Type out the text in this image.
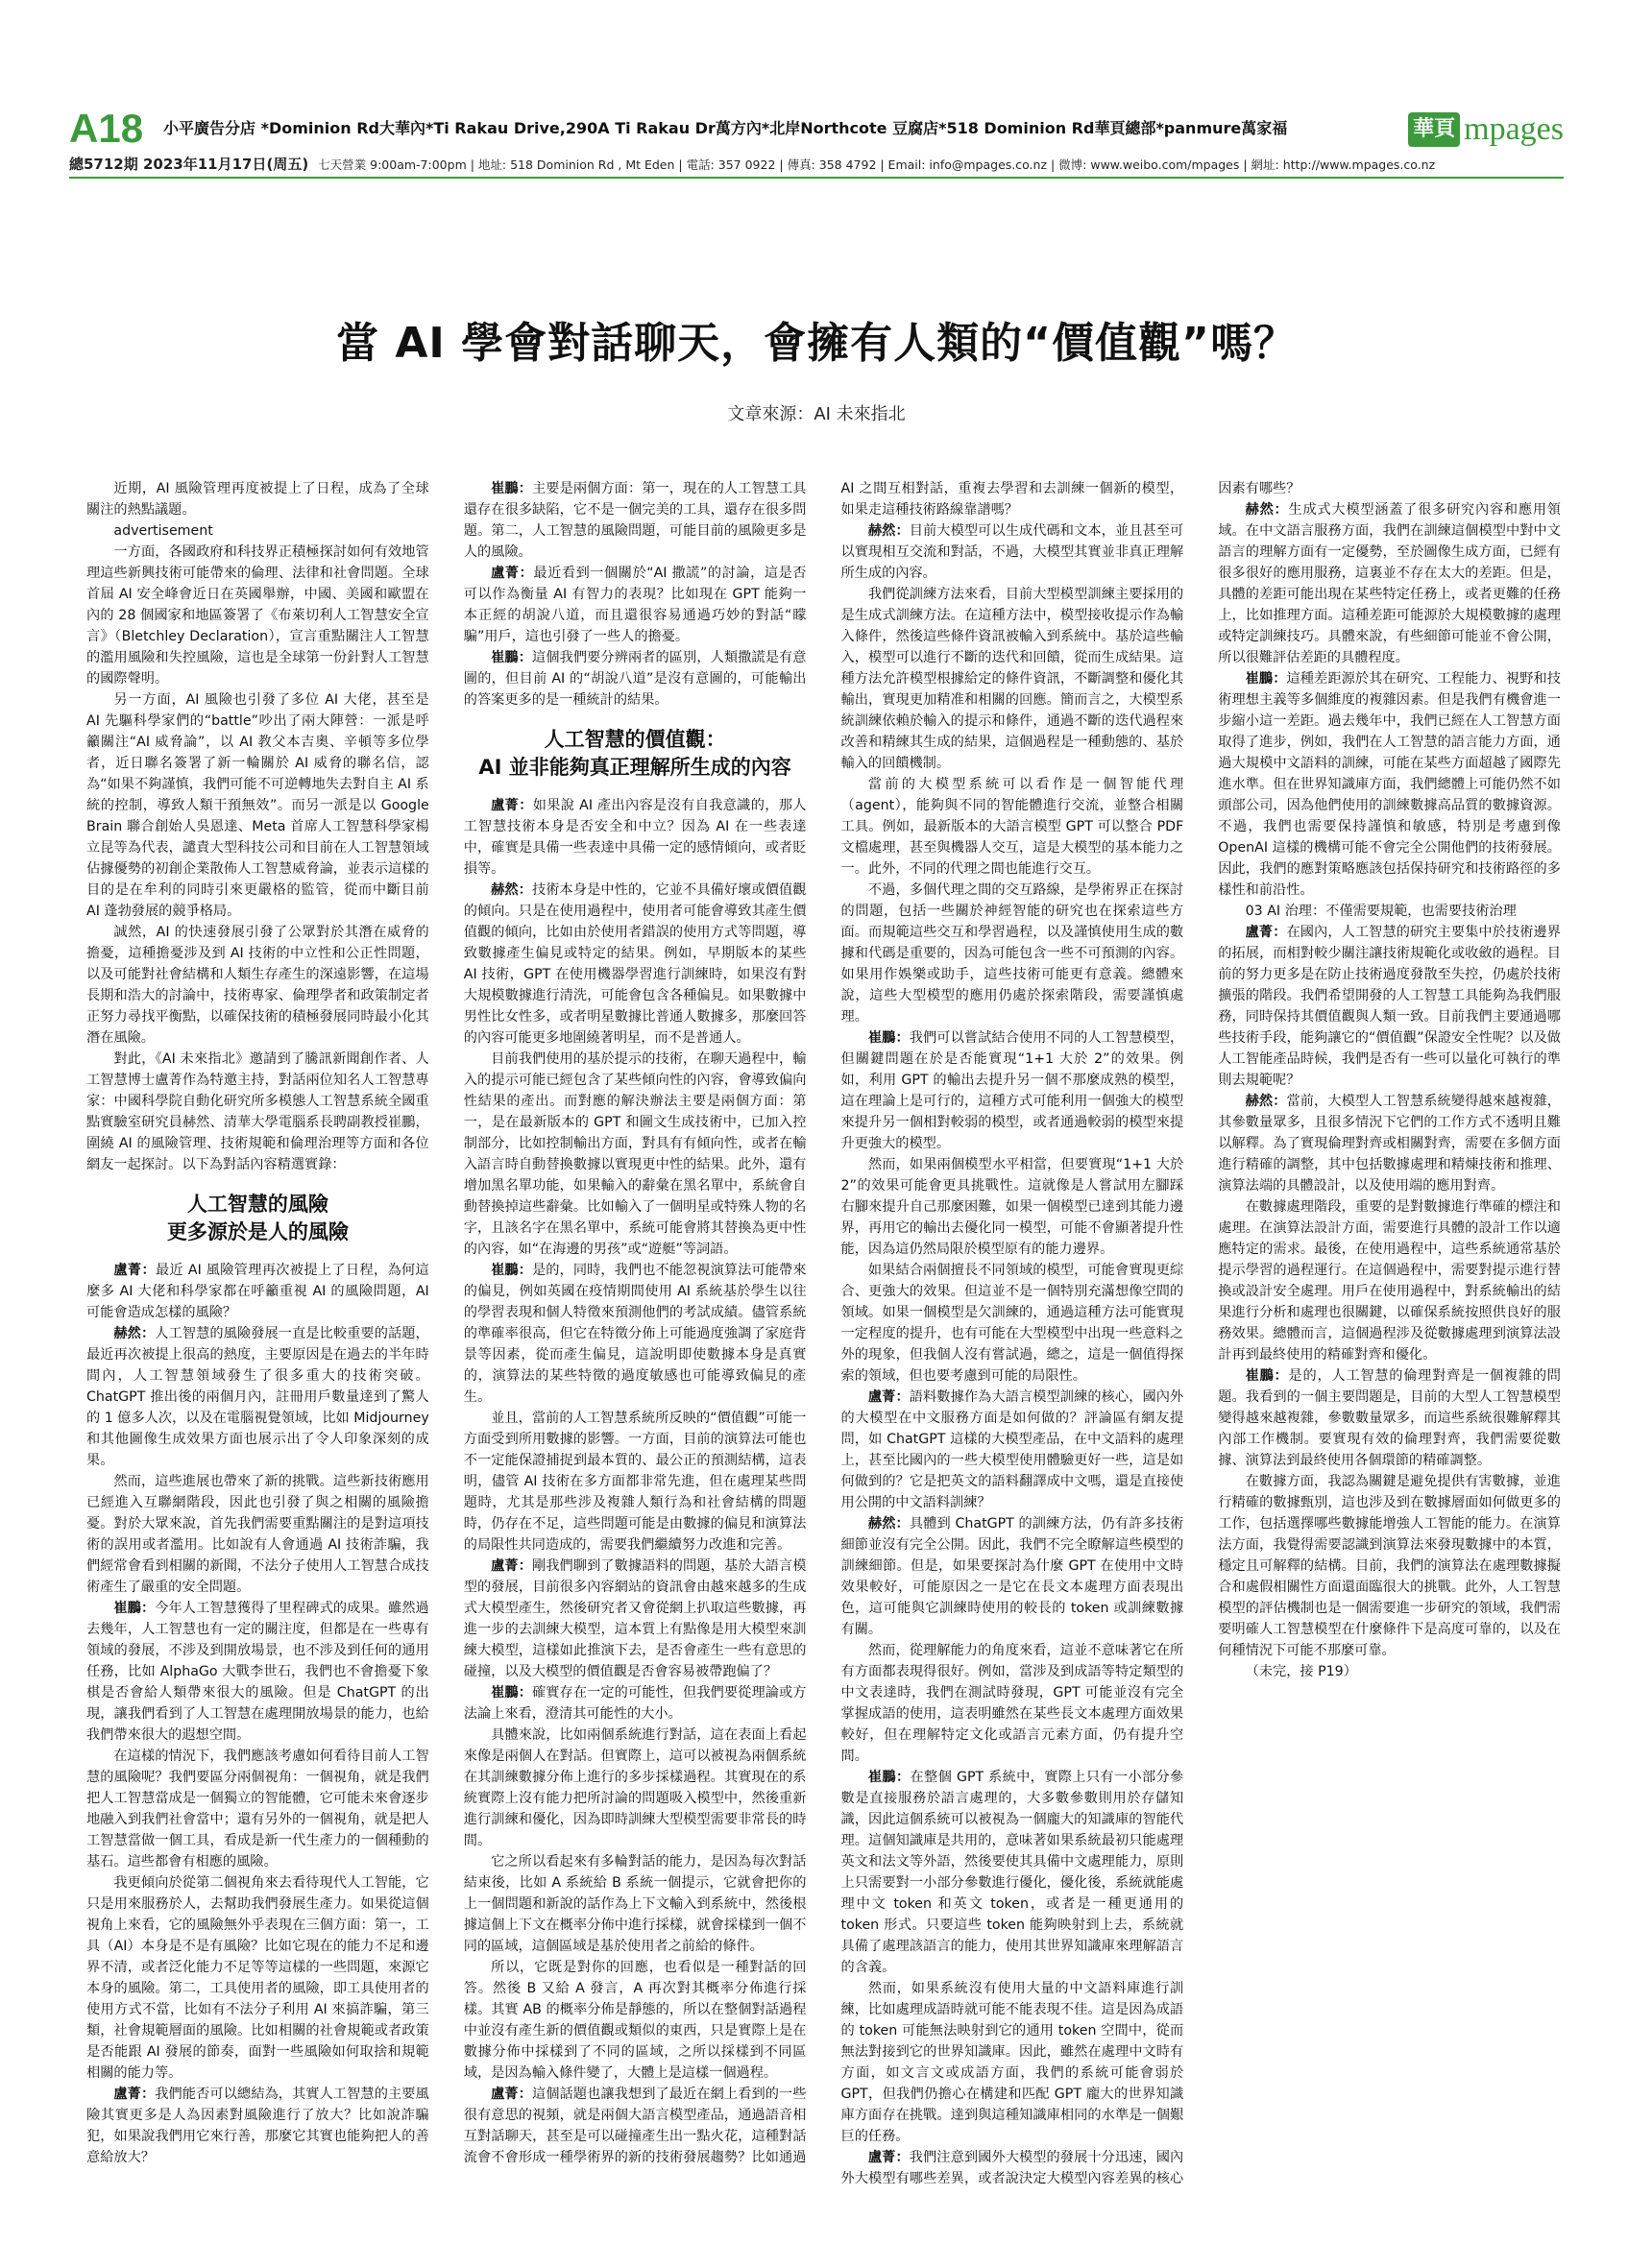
A18 小平廣告分店 *Dominion Rd大華內*Ti Rakau Drive,290A Ti Rakau Dr萬方內*北岸Northcote 豆腐店*518 Dominion Rd華頁總部*panmure萬家福
總5712期 2023年11月17日(周五) 七天營業 9:00am-7:00pm | 地址: 518 Dominion Rd , Mt Eden | 電話: 357 0922 | 傳真: 358 4792 | Email: info@mpages.co.nz | 微博: www.weibo.com/mpages | 網址: http://www.mpages.co.nz
華頁 mpages
當 AI 學會對話聊天，會擁有人類的“價值觀”嗎？
文章來源：AI 未來指北

近期，AI 風險管理再度被提上了日程，成為了全球關注的熱點議題。

advertisement

一方面，各國政府和科技界正積極探討如何有效地管理這些新興技術可能帶來的倫理、法律和社會問題。全球首屆 AI 安全峰會近日在英國舉辦，中國、美國和歐盟在內的 28 個國家和地區簽署了《布萊切利人工智慧安全宣言》（Bletchley Declaration），宣言重點關注人工智慧的濫用風險和失控風險，這也是全球第一份針對人工智慧的國際聲明。

另一方面，AI 風險也引發了多位 AI 大佬，甚至是 AI 先驅科學家們的“battle”吵出了兩大陣營：一派是呼籲關注“AI 威脅論”，以 AI 教父本吉奧、辛頓等多位學者，近日聯名簽署了新一輪關於 AI 威脅的聯名信，認為“如果不夠謹慎，我們可能不可逆轉地失去對自主 AI 系統的控制，導致人類干預無效”。而另一派是以 Google Brain 聯合創始人吳恩達、Meta 首席人工智慧科學家楊立昆等為代表，譴責大型科技公司和目前在人工智慧領域佔據優勢的初創企業散佈人工智慧威脅論，並表示這樣的目的是在牟利的同時引來更嚴格的監管，從而中斷目前 AI 蓬勃發展的競爭格局。

誠然，AI 的快速發展引發了公眾對於其潛在威脅的擔憂，這種擔憂涉及到 AI 技術的中立性和公正性問題，以及可能對社會結構和人類生存產生的深遠影響，在這場長期和浩大的討論中，技術專家、倫理學者和政策制定者正努力尋找平衡點，以確保技術的積極發展同時最小化其潛在風險。

對此，《AI 未來指北》邀請到了騰訊新聞創作者、人工智慧博士盧菁作為特邀主持，對話兩位知名人工智慧專家：中國科學院自動化研究所多模態人工智慧系統全國重點實驗室研究員赫然、清華大學電腦系長聘副教授崔鵬，圍繞 AI 的風險管理、技術規範和倫理治理等方面和各位網友一起探討。以下為對話內容精選實錄：

人工智慧的風險
更多源於是人的風險

盧菁：最近 AI 風險管理再次被提上了日程，為何這麼多 AI 大佬和科學家都在呼籲重視 AI 的風險問題，AI 可能會造成怎樣的風險？

赫然：人工智慧的風險發展一直是比較重要的話題，最近再次被提上很高的熱度，主要原因是在過去的半年時間內，人工智慧領域發生了很多重大的技術突破。ChatGPT 推出後的兩個月內，註冊用戶數量達到了驚人的 1 億多人次，以及在電腦視覺領域，比如 Midjourney 和其他圖像生成效果方面也展示出了令人印象深刻的成果。

然而，這些進展也帶來了新的挑戰。這些新技術應用已經進入互聯網階段，因此也引發了與之相關的風險擔憂。對於大眾來說，首先我們需要重點關注的是對這項技術的誤用或者濫用。比如說有人會通過 AI 技術詐騙，我們經常會看到相關的新聞，不法分子使用人工智慧合成技術產生了嚴重的安全問題。

崔鵬：今年人工智慧獲得了里程碑式的成果。雖然過去幾年，人工智慧也有一定的關注度，但都是在一些專有領域的發展，不涉及到開放場景，也不涉及到任何的通用任務，比如 AlphaGo 大戰李世石，我們也不會擔憂下象棋是否會給人類帶來很大的風險。但是 ChatGPT 的出現，讓我們看到了人工智慧在處理開放場景的能力，也給我們帶來很大的遐想空間。

在這樣的情況下，我們應該考慮如何看待目前人工智慧的風險呢？我們要區分兩個視角：一個視角，就是我們把人工智慧當成是一個獨立的智能體，它可能未來會逐步地融入到我們社會當中；還有另外的一個視角，就是把人工智慧當做一個工具，看成是新一代生產力的一個種動的基石。這些都會有相應的風險。

我更傾向於從第二個視角來去看待現代人工智能，它只是用來服務於人，去幫助我們發展生產力。如果從這個視角上來看，它的風險無外乎表現在三個方面：第一，工具（AI）本身是不是有風險？比如它現在的能力不足和邊界不清，或者泛化能力不足等等這樣的一些問題，來源它本身的風險。第二，工具使用者的風險，即工具使用者的使用方式不當，比如有不法分子利用 AI 來搞詐騙，第三類，社會規範層面的風險。比如相關的社會規範或者政策是否能跟 AI 發展的節奏，面對一些風險如何取捨和規範相關的能力等。

盧菁：我們能否可以總結為，其實人工智慧的主要風險其實更多是人為因素對風險進行了放大？比如說詐騙犯，如果說我們用它來行善，那麼它其實也能夠把人的善意給放大？

崔鵬：主要是兩個方面：第一，現在的人工智慧工具還存在很多缺陷，它不是一個完美的工具，還存在很多問題。第二，人工智慧的風險問題，可能目前的風險更多是人的風險。

盧菁：最近看到一個關於“AI 撒謊”的討論，這是否可以作為衡量 AI 有智力的表現？比如現在 GPT 能夠一本正經的胡說八道，而且還很容易通過巧妙的對話“矇騙”用戶，這也引發了一些人的擔憂。

崔鵬：這個我們要分辨兩者的區別，人類撒謊是有意圖的，但目前 AI 的“胡說八道”是沒有意圖的，可能輸出的答案更多的是一種統計的結果。

人工智慧的價值觀：
AI 並非能夠真正理解所生成的內容

盧菁：如果說 AI 產出內容是沒有自我意識的，那人工智慧技術本身是否安全和中立？因為 AI 在一些表達中，確實是具備一些表達中具備一定的感情傾向，或者貶損等。

赫然：技術本身是中性的，它並不具備好壞或價值觀的傾向。只是在使用過程中，使用者可能會導致其產生價值觀的傾向，比如由於使用者錯誤的使用方式等問題，導致數據產生偏見或特定的結果。例如，早期版本的某些 AI 技術，GPT 在使用機器學習進行訓練時，如果沒有對大規模數據進行清洗，可能會包含各種偏見。如果數據中男性比女性多，或者明星數據比普通人數據多，那麼回答的內容可能更多地圍繞著明星，而不是普通人。

目前我們使用的基於提示的技術，在聊天過程中，輸入的提示可能已經包含了某些傾向性的內容，會導致偏向性結果的產出。而對應的解決辦法主要是兩個方面：第一，是在最新版本的 GPT 和圖文生成技術中，已加入控制部分，比如控制輸出方面，對具有有傾向性，或者在輸入語言時自動替換數據以實現更中性的結果。此外，還有增加黑名單功能，如果輸入的辭彙在黑名單中，系統會自動替換掉這些辭彙。比如輸入了一個明星或特殊人物的名字，且該名字在黑名單中，系統可能會將其替換為更中性的內容，如“在海邊的男孩”或“遊艇”等詞語。

崔鵬：是的，同時，我們也不能忽視演算法可能帶來的偏見，例如英國在疫情期間使用 AI 系統基於學生以往的學習表現和個人特徵來預測他們的考試成績。儘管系統的準確率很高，但它在特徵分佈上可能過度強調了家庭背景等因素，從而產生偏見，這說明即使數據本身是真實的，演算法的某些特徵的過度敏感也可能導致偏見的產生。

並且，當前的人工智慧系統所反映的“價值觀”可能一方面受到所用數據的影響。一方面，目前的演算法可能也不一定能保證捕捉到最本質的、最公正的預測結構，這表明，儘管 AI 技術在多方面都非常先進，但在處理某些問題時，尤其是那些涉及複雜人類行為和社會結構的問題時，仍存在不足，這些問題可能是由數據的偏見和演算法的局限性共同造成的，需要我們繼續努力改進和完善。

盧菁：剛我們聊到了數據語料的問題，基於大語言模型的發展，目前很多內容網站的資訊會由越來越多的生成式大模型產生，然後研究者又會從網上扒取這些數據，再進一步的去訓練大模型，這本質上有點像是用大模型來訓練大模型，這樣如此推演下去，是否會產生一些有意思的碰撞，以及大模型的價值觀是否會容易被帶跑偏了？

崔鵬：確實存在一定的可能性，但我們要從理論或方法論上來看，澄清其可能性的大小。

具體來說，比如兩個系統進行對話，這在表面上看起來像是兩個人在對話。但實際上，這可以被視為兩個系統在其訓練數據分佈上進行的多步採樣過程。其實現在的系統實際上沒有能力把所討論的問題吸入模型中，然後重新進行訓練和優化，因為即時訓練大型模型需要非常長的時間。

它之所以看起來有多輪對話的能力，是因為每次對話結束後，比如 A 系統給 B 系統一個提示，它就會把你的上一個問題和新說的話作為上下文輸入到系統中，然後根據這個上下文在概率分佈中進行採樣，就會採樣到一個不同的區域，這個區域是基於使用者之前給的條件。

所以，它既是對你的回應，也看似是一種對話的回答。然後 B 又給 A 發言，A 再次對其概率分佈進行採樣。其實 AB 的概率分佈是靜態的，所以在整個對話過程中並沒有產生新的價值觀或類似的東西，只是實際上是在數據分佈中採樣到了不同的區域，之所以採樣到不同區域，是因為輸入條件變了，大體上是這樣一個過程。

盧菁：這個話題也讓我想到了最近在網上看到的一些很有意思的視頻，就是兩個大語言模型產品，通過語音相互對話聊天，甚至是可以碰撞產生出一點火花，這種對話流會不會形成一種學術界的新的技術發展趨勢？比如通過 AI 之間互相對話，重複去學習和去訓練一個新的模型，如果走這種技術路線靠譜嗎？

赫然：目前大模型可以生成代碼和文本，並且甚至可以實現相互交流和對話，不過，大模型其實並非真正理解所生成的內容。

我們從訓練方法來看，目前大型模型訓練主要採用的是生成式訓練方法。在這種方法中，模型接收提示作為輸入條件，然後這些條件資訊被輸入到系統中。基於這些輸入，模型可以進行不斷的迭代和回饋，從而生成結果。這種方法允許模型根據給定的條件資訊，不斷調整和優化其輸出，實現更加精准和相關的回應。簡而言之，大模型系統訓練依賴於輸入的提示和條件，通過不斷的迭代過程來改善和精練其生成的結果，這個過程是一種動態的、基於輸入的回饋機制。

當前的大模型系統可以看作是一個智能代理（agent），能夠與不同的智能體進行交流，並整合相關工具。例如，最新版本的大語言模型 GPT 可以整合 PDF 文檔處理，甚至與機器人交互，這是大模型的基本能力之一。此外，不同的代理之間也能進行交互。

不過，多個代理之間的交互路線，是學術界正在探討的問題，包括一些關於神經智能的研究也在探索這些方面。而規範這些交互和學習過程，以及謹慎使用生成的數據和代碼是重要的，因為可能包含一些不可預測的內容。如果用作娛樂或助手，這些技術可能更有意義。總體來說，這些大型模型的應用仍處於探索階段，需要謹慎處理。

崔鵬：我們可以嘗試結合使用不同的人工智慧模型，但關鍵問題在於是否能實現“1+1 大於 2”的效果。例如，利用 GPT 的輸出去提升另一個不那麼成熟的模型，這在理論上是可行的，這種方式可能利用一個強大的模型來提升另一個相對較弱的模型，或者通過較弱的模型來提升更強大的模型。

然而，如果兩個模型水平相當，但要實現“1+1 大於 2”的效果可能會更具挑戰性。這就像是人嘗試用左腳踩右腳來提升自己那麼困難，如果一個模型已達到其能力邊界，再用它的輸出去優化同一模型，可能不會顯著提升性能，因為這仍然局限於模型原有的能力邊界。

如果結合兩個擅長不同領域的模型，可能會實現更綜合、更強大的效果。但這並不是一個特別充滿想像空間的領域。如果一個模型是欠訓練的，通過這種方法可能實現一定程度的提升，也有可能在大型模型中出現一些意料之外的現象，但我個人沒有嘗試過，總之，這是一個值得探索的領域，但也要考慮到可能的局限性。

盧菁：語料數據作為大語言模型訓練的核心，國內外的大模型在中文服務方面是如何做的？評論區有網友提問，如 ChatGPT 這樣的大模型產品，在中文語料的處理上，甚至比國內的一些大模型使用體驗更好一些，這是如何做到的？它是把英文的語料翻譯成中文嗎，還是直接使用公開的中文語料訓練？

赫然：具體到 ChatGPT 的訓練方法，仍有許多技術細節並沒有完全公開。因此，我們不完全瞭解這些模型的訓練細節。但是，如果要探討為什麼 GPT 在使用中文時效果較好，可能原因之一是它在長文本處理方面表現出色，這可能與它訓練時使用的較長的 token 或訓練數據有關。

然而，從理解能力的角度來看，這並不意味著它在所有方面都表現得很好。例如，當涉及到成語等特定類型的中文表達時，我們在測試時發現，GPT 可能並沒有完全掌握成語的使用，這表明雖然在某些長文本處理方面效果較好，但在理解特定文化或語言元素方面，仍有提升空間。

崔鵬：在整個 GPT 系統中，實際上只有一小部分參數是直接服務於語言處理的，大多數參數則用於存儲知識，因此這個系統可以被視為一個龐大的知識庫的智能代理。這個知識庫是共用的，意味著如果系統最初只能處理英文和法文等外語，然後要使其具備中文處理能力，原則上只需要對一小部分參數進行優化，優化後，系統就能處理中文 token 和英文 token，或者是一種更通用的 token 形式。只要這些 token 能夠映射到上去，系統就具備了處理該語言的能力，使用其世界知識庫來理解語言的含義。

然而，如果系統沒有使用大量的中文語料庫進行訓練，比如處理成語時就可能不能表現不佳。這是因為成語的 token 可能無法映射到它的通用 token 空間中，從而無法對接到它的世界知識庫。因此，雖然在處理中文時有方面，如文言文或成語方面，我們的系統可能會弱於 GPT，但我們仍擔心在構建和匹配 GPT 龐大的世界知識庫方面存在挑戰。達到與這種知識庫相同的水準是一個艱巨的任務。

盧菁：我們注意到國外大模型的發展十分迅速，國內外大模型有哪些差異，或者說決定大模型內容差異的核心因素有哪些？

赫然：生成式大模型涵蓋了很多研究內容和應用領域。在中文語言服務方面，我們在訓練這個模型中對中文語言的理解方面有一定優勢，至於圖像生成方面，已經有很多很好的應用服務，這裏並不存在太大的差距。但是，具體的差距可能出現在某些特定任務上，或者更難的任務上，比如推理方面。這種差距可能源於大規模數據的處理或特定訓練技巧。具體來說，有些細節可能並不會公開，所以很難評估差距的具體程度。

崔鵬：這種差距源於其在研究、工程能力、視野和技術理想主義等多個維度的複雜因素。但是我們有機會進一步縮小這一差距。過去幾年中，我們已經在人工智慧方面取得了進步，例如，我們在人工智慧的語言能力方面，通過大規模中文語料的訓練，可能在某些方面超越了國際先進水準。但在世界知識庫方面，我們總體上可能仍然不如頭部公司，因為他們使用的訓練數據高品質的數據資源。不過，我們也需要保持謹慎和敏感，特別是考慮到像 OpenAI 這樣的機構可能不會完全公開他們的技術發展。因此，我們的應對策略應該包括保持研究和技術路徑的多樣性和前沿性。

03 AI 治理：不僅需要規範，也需要技術治理

盧菁：在國內，人工智慧的研究主要集中於技術邊界的拓展，而相對較少關注讓技術規範化或收斂的過程。目前的努力更多是在防止技術過度發散至失控，仍處於技術擴張的階段。我們希望開發的人工智慧工具能夠為我們服務，同時保持其價值觀與人類一致。目前我們主要通過哪些技術手段，能夠讓它的“價值觀”保證安全性呢？以及做人工智能產品時候，我們是否有一些可以量化可執行的準則去規範呢？

赫然：當前，大模型人工智慧系統變得越來越複雜，其參數量眾多，且很多情況下它們的工作方式不透明且難以解釋。為了實現倫理對齊或相關對齊，需要在多個方面進行精確的調整，其中包括數據處理和精煉技術和推理、演算法端的具體設計，以及使用端的應用對齊。

在數據處理階段，重要的是對數據進行準確的標注和處理。在演算法設計方面，需要進行具體的設計工作以適應特定的需求。最後，在使用過程中，這些系統通常基於提示學習的過程運行。在這個過程中，需要對提示進行替換或設計安全處理。用戶在使用過程中，對系統輸出的結果進行分析和處理也很關鍵，以確保系統按照供良好的服務效果。總體而言，這個過程涉及從數據處理到演算法設計再到最終使用的精確對齊和優化。

崔鵬：是的，人工智慧的倫理對齊是一個複雜的問題。我看到的一個主要問題是，目前的大型人工智慧模型變得越來越複雜，參數數量眾多，而這些系統很難解釋其內部工作機制。要實現有效的倫理對齊，我們需要從數據、演算法到最終使用各個環節的精確調整。

在數據方面，我認為關鍵是避免提供有害數據，並進行精確的數據甄別，這也涉及到在數據層面如何做更多的工作，包括選擇哪些數據能增強人工智能的能力。在演算法方面，我覺得需要認識到演算法來發現數據中的本質，穩定且可解釋的結構。目前，我們的演算法在處理數據擬合和處假相關性方面還面臨很大的挑戰。此外，人工智慧模型的評估機制也是一個需要進一步研究的領域，我們需要明確人工智慧模型在什麼條件下是高度可靠的，以及在何種情況下可能不那麼可靠。

（未完，接 P19）
